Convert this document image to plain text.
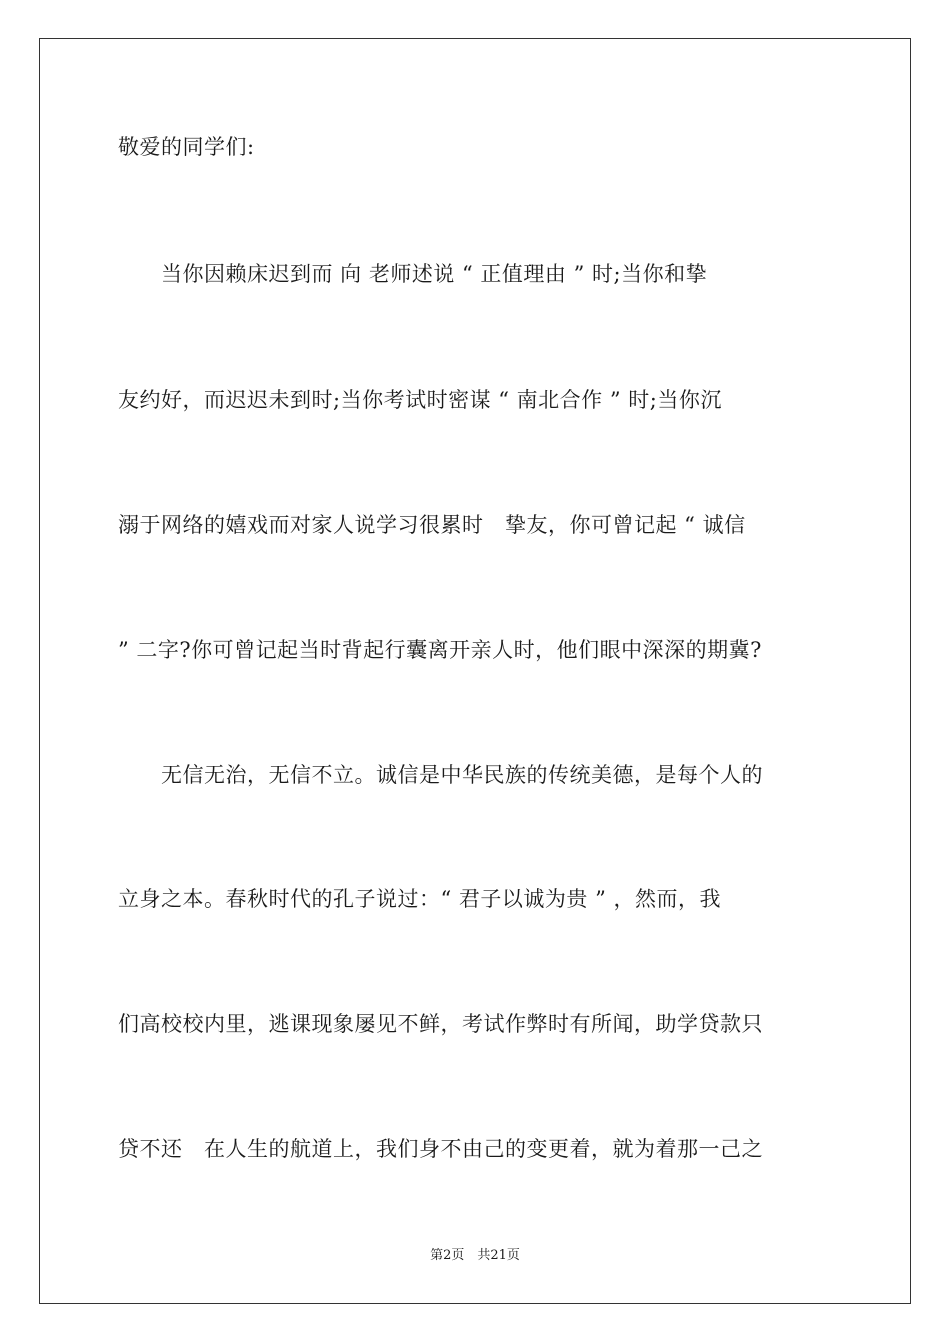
敬爱的同学们:
　　当你因赖床迟到而 向 老师述说 “ 正值理由 ” 时;当你和挚
友约好，而迟迟未到时;当你考试时密谋 “ 南北合作 ” 时;当你沉
溺于网络的嬉戏而对家人说学习很累时　挚友，你可曾记起 “ 诚信
” 二字?你可曾记起当时背起行囊离开亲人时，他们眼中深深的期冀?
　　无信无治，无信不立。诚信是中华民族的传统美德，是每个人的
立身之本。春秋时代的孔子说过：“ 君子以诚为贵 ” ，然而，我
们高校校内里，逃课现象屡见不鲜，考试作弊时有所闻，助学贷款只
贷不还　在人生的航道上，我们身不由己的变更着，就为着那一己之
第2页　共21页
